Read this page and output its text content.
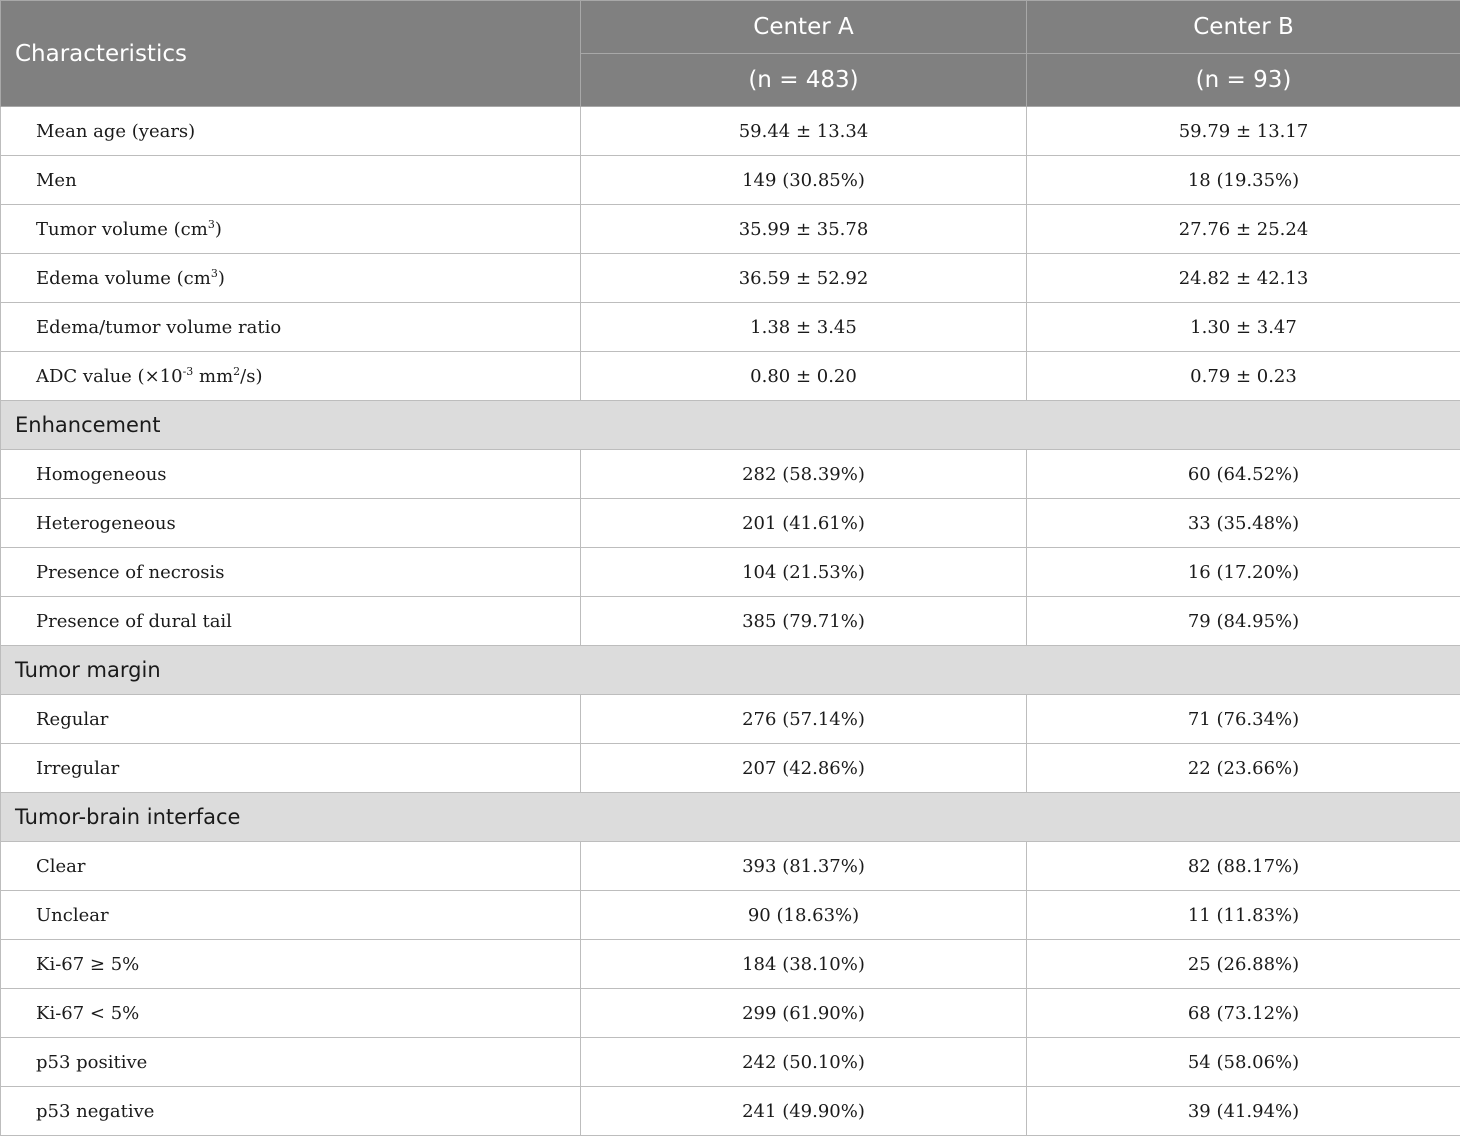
Characteristics	Center A	Center B
	(n = 483)	(n = 93)
Mean age (years)	59.44 ± 13.34	59.79 ± 13.17
Men	149 (30.85%)	18 (19.35%)
Tumor volume $(cm^3)$	35.99 ± 35.78	27.76 ± 25.24
Edema volume $(cm^3)$	36.59 ± 52.92	24.82 ± 42.13
Edema/tumor volume ratio	1.38 ± 3.45	1.30 ± 3.47
ADC value ($\times 10^{-3}$ $mm^2/s$)	0.80 ± 0.20	0.79 ± 0.23
Enhancement		
Homogeneous	282 (58.39%)	60 (64.52%)
Heterogeneous	201 (41.61%)	33 (35.48%)
Presence of necrosis	104 (21.53%)	16 (17.20%)
Presence of dural tail	385 (79.71%)	79 (84.95%)
Tumor margin		
Regular	276 (57.14%)	71 (76.34%)
Irregular	207 (42.86%)	22 (23.66%)
Tumor-brain interface		
Clear	393 (81.37%)	82 (88.17%)
Unclear	90 (18.63%)	11 (11.83%)
Ki-67 ≥ 5%	184 (38.10%)	25 (26.88%)
Ki-67 < 5%	299 (61.90%)	68 (73.12%)
p53 positive	242 (50.10%)	54 (58.06%)
p53 negative	241 (49.90%)	39 (41.94%)
